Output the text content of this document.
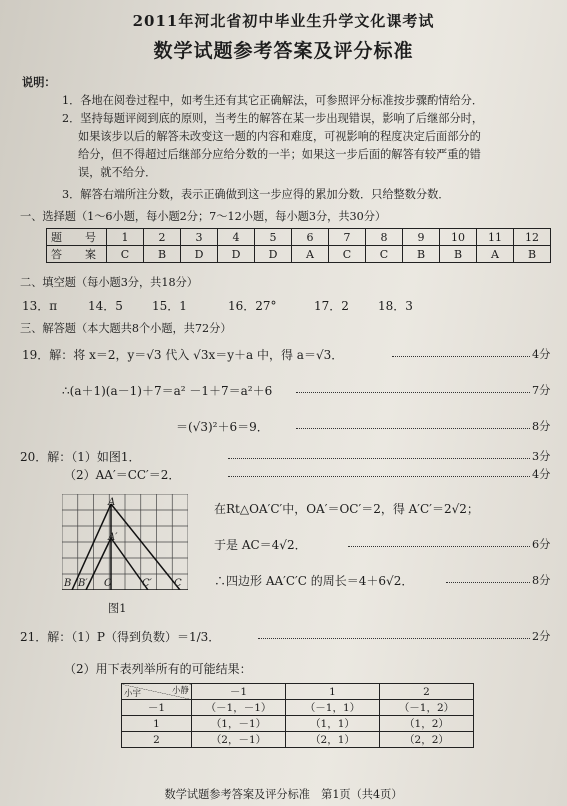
2011年河北省初中毕业生升学文化课考试
数学试题参考答案及评分标准
说明：
1．各地在阅卷过程中，如考生还有其它正确解法，可参照评分标准按步骤酌情给分．
2．坚持每题评阅到底的原则，当考生的解答在某一步出现错误，影响了后继部分时，
如果该步以后的解答未改变这一题的内容和难度，可视影响的程度决定后面部分的
给分，但不得超过后继部分应给分数的一半；如果这一步后面的解答有较严重的错
误，就不给分．
3．解答右端所注分数，表示正确做到这一步应得的累加分数．只给整数分数．
一、选择题（1～6小题，每小题2分；7～12小题，每小题3分，共30分）
题　号	1	2	3	4	5	6	7	8	9	10	11	12
答　案	C	B	D	D	D	A	C	C	B	B	A	B
二、填空题（每小题3分，共18分）
13．π	14．5 15．1	16．27°	17．2 18．3
三、解答题（本大题共8个小题，共72分）
19．解：将 x＝2，y＝√3 代入 √3x＝y＋a 中，得 a＝√3．	4分
∴(a＋1)(a－1)＋7＝a² －1＋7＝a²＋6	7分
＝(√3)²＋6＝9．	8分
20．解：（1）如图1．	3分
（2）AA′＝CC′＝2．	4分
A
A′
B B′ O	C′ C
图1
在Rt△OA′C′中，OA′＝OC′＝2，得 A′C′＝2√2；
于是 AC＝4√2．	6分
∴四边形 AA′C′C 的周长＝4＋6√2．	8分
21．解：（1）P（得到负数）＝1/3．	2分
（2）用下表列举所有的可能结果：
小宇 小静	－1	1	2
－1	（－1，－1）	（－1，1）	（－1，2）
1	（1，－1）	（1，1）	（1，2）
2	（2，－1）	（2，1）	（2，2）
数学试题参考答案及评分标准　第1页（共4页）
